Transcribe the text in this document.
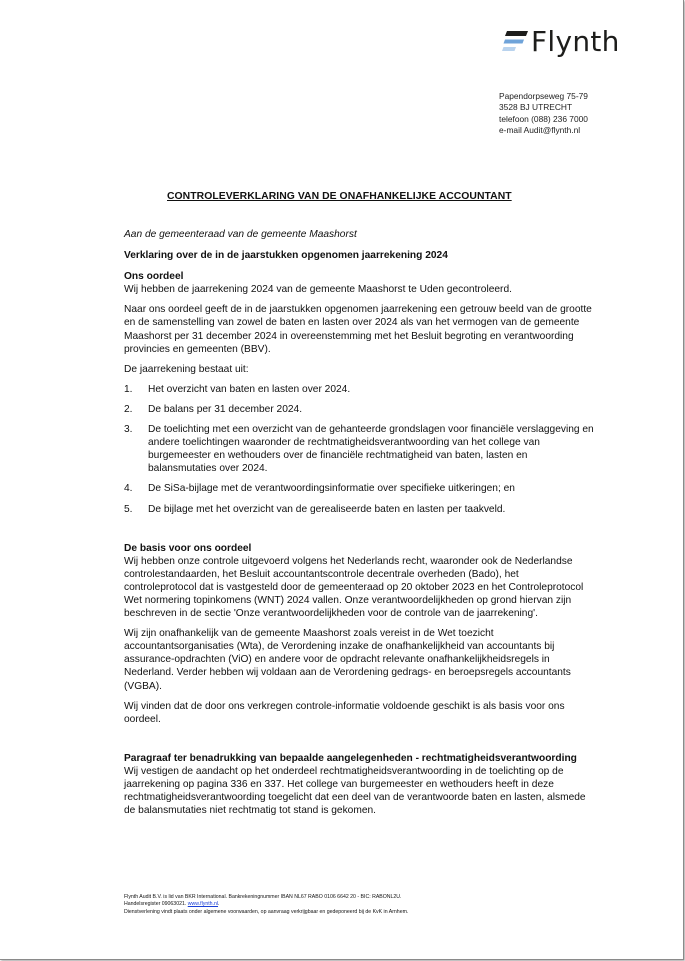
Flynth
Papendorpseweg 75-79
3528 BJ UTRECHT
telefoon (088) 236 7000
e-mail Audit@flynth.nl
CONTROLEVERKLARING VAN DE ONAFHANKELIJKE ACCOUNTANT

Aan de gemeenteraad van de gemeente Maashorst

Verklaring over de in de jaarstukken opgenomen jaarrekening 2024

Ons oordeel

Wij hebben de jaarrekening 2024 van de gemeente Maashorst te Uden gecontroleerd.

Naar ons oordeel geeft de in de jaarstukken opgenomen jaarrekening een getrouw beeld van de grootte en de samenstelling van zowel de baten en lasten over 2024 als van het vermogen van de gemeente Maashorst per 31 december 2024 in overeenstemming met het Besluit begroting en verantwoording provincies en gemeenten (BBV).

De jaarrekening bestaat uit:

1. Het overzicht van baten en lasten over 2024.
2. De balans per 31 december 2024.
3. De toelichting met een overzicht van de gehanteerde grondslagen voor financiële verslaggeving en andere toelichtingen waaronder de rechtmatigheidsverantwoording van het college van burgemeester en wethouders over de financiële rechtmatigheid van baten, lasten en balansmutaties over 2024.
4. De SiSa-bijlage met de verantwoordingsinformatie over specifieke uitkeringen; en
5. De bijlage met het overzicht van de gerealiseerde baten en lasten per taakveld.

De basis voor ons oordeel

Wij hebben onze controle uitgevoerd volgens het Nederlands recht, waaronder ook de Nederlandse controlestandaarden, het Besluit accountantscontrole decentrale overheden (Bado), het controleprotocol dat is vastgesteld door de gemeenteraad op 20 oktober 2023 en het Controleprotocol Wet normering topinkomens (WNT) 2024 vallen. Onze verantwoordelijkheden op grond hiervan zijn beschreven in de sectie 'Onze verantwoordelijkheden voor de controle van de jaarrekening'.

Wij zijn onafhankelijk van de gemeente Maashorst zoals vereist in de Wet toezicht accountantsorganisaties (Wta), de Verordening inzake de onafhankelijkheid van accountants bij assurance-opdrachten (ViO) en andere voor de opdracht relevante onafhankelijkheidsregels in Nederland. Verder hebben wij voldaan aan de Verordening gedrags- en beroepsregels accountants (VGBA).

Wij vinden dat de door ons verkregen controle-informatie voldoende geschikt is als basis voor ons oordeel.

Paragraaf ter benadrukking van bepaalde aangelegenheden - rechtmatigheidsverantwoording

Wij vestigen de aandacht op het onderdeel rechtmatigheidsverantwoording in de toelichting op de jaarrekening op pagina 336 en 337. Het college van burgemeester en wethouders heeft in deze rechtmatigheidsverantwoording toegelicht dat een deel van de verantwoorde baten en lasten, alsmede de balansmutaties niet rechtmatig tot stand is gekomen.

Flynth Audit B.V. is lid van BKR International. Bankrekeningnummer IBAN NL67 RABO 0106 6642 20 - BIC: RABONL2U.
Handelsregister 09063021. www.flynth.nl.
Dienstverlening vindt plaats onder algemene voorwaarden, op aanvraag verkrijgbaar en gedeponeerd bij de KvK in Arnhem.
